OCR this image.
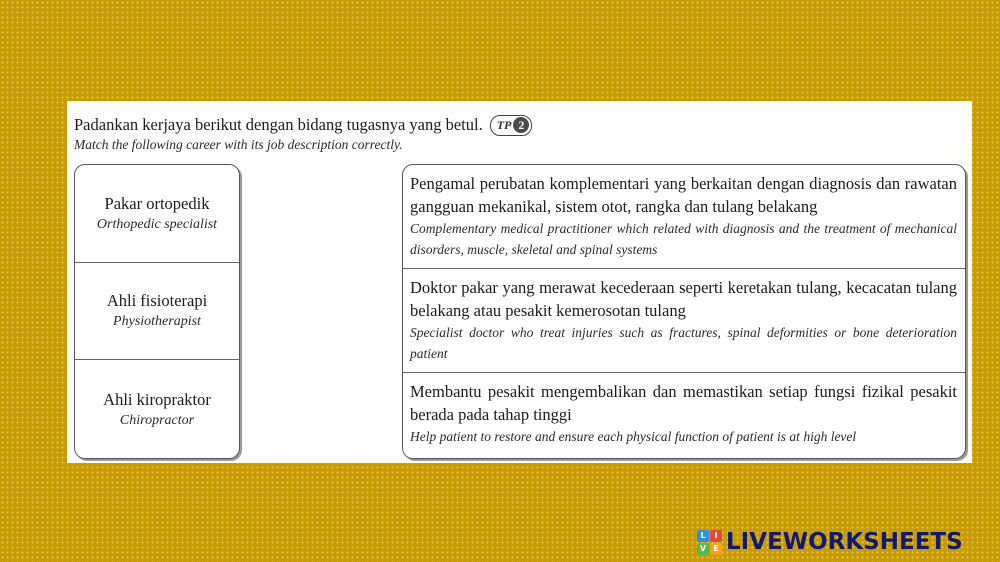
Padankan kerjaya berikut dengan bidang tugasnya yang betul. TP 2
Match the following career with its job description correctly.
Pakar ortopedik
Orthopedic specialist
Ahli fisioterapi
Physiotherapist
Ahli kiropraktor
Chiropractor
Pengamal perubatan komplementari yang berkaitan dengan diagnosis dan rawatan gangguan mekanikal, sistem otot, rangka dan tulang belakang
Complementary medical practitioner which related with diagnosis and the treatment of mechanical disorders, muscle, skeletal and spinal systems
Doktor pakar yang merawat kecederaan seperti keretakan tulang, kecacatan tulang belakang atau pesakit kemerosotan tulang
Specialist doctor who treat injuries such as fractures, spinal deformities or bone deterioration patient
Membantu pesakit mengembalikan dan memastikan setiap fungsi fizikal pesakit berada pada tahap tinggi
Help patient to restore and ensure each physical function of patient is at high level
L	I
V E LIVEWORKSHEETS
